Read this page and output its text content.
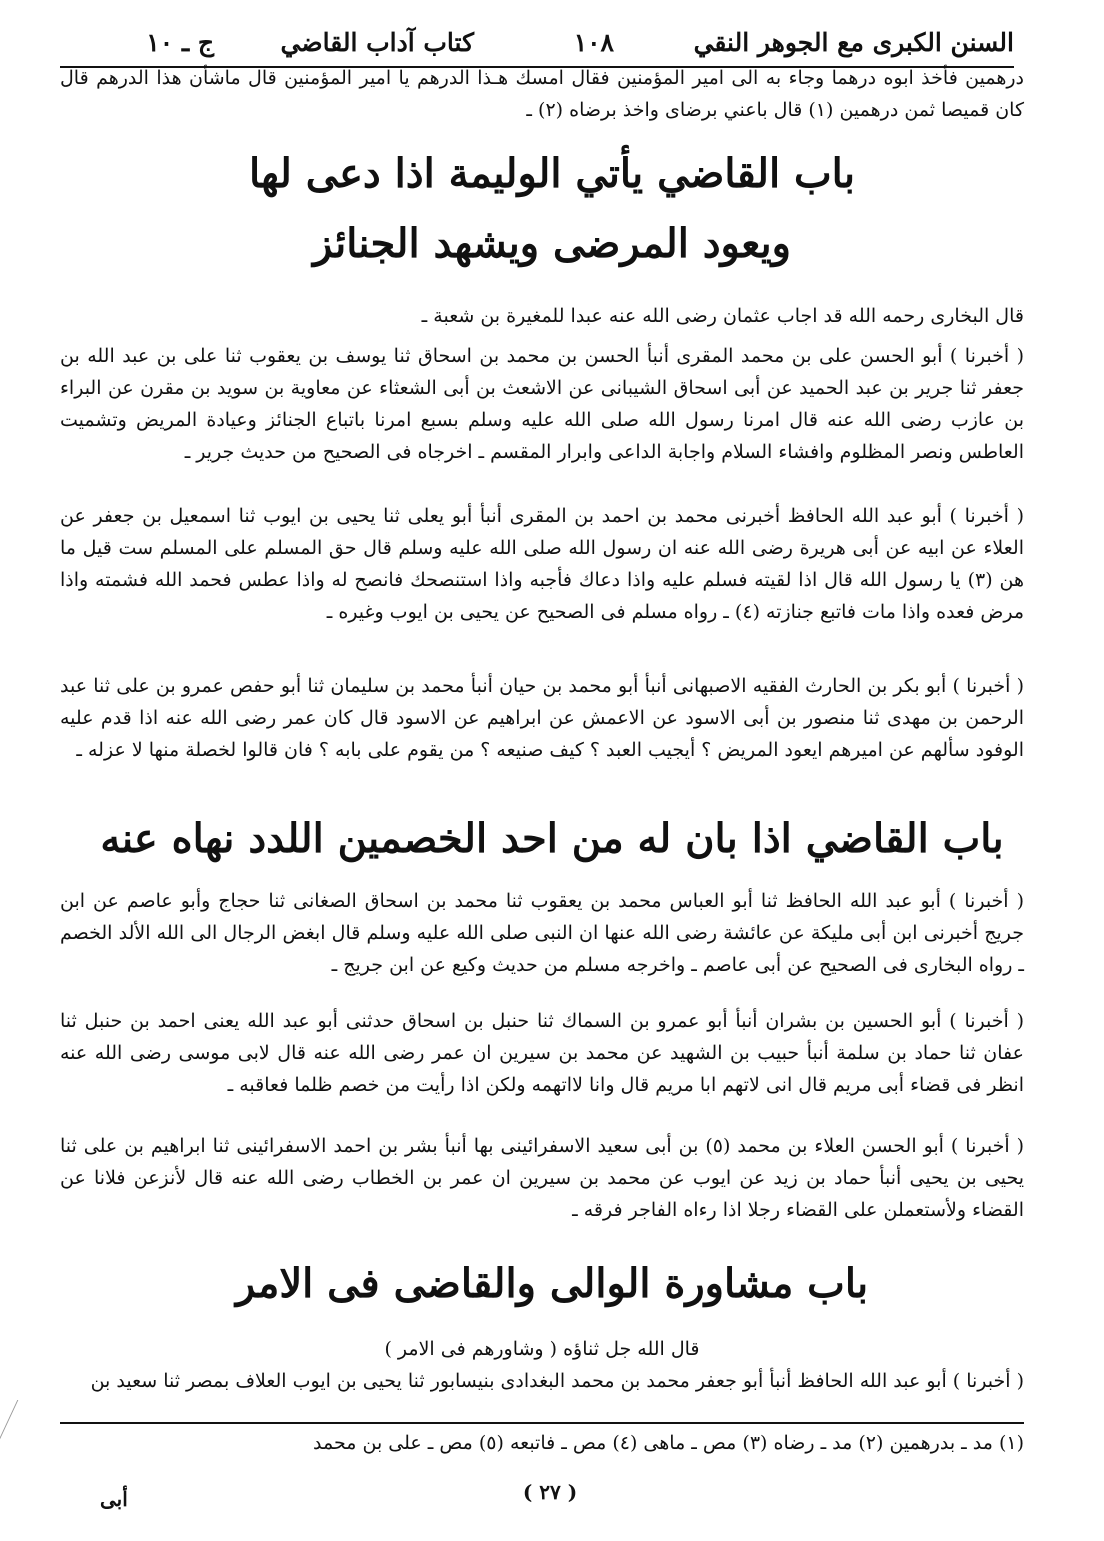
السنن الكبرى مع الجوهر النقي
١٠٨
كتاب آداب القاضي
ج ـ ١٠

درهمين فأخذ ابوه درهما وجاء به الى امير المؤمنين فقال امسك هـذا الدرهم يا امير المؤمنين قال ماشأن هذا الدرهم قال كان قميصا ثمن درهمين (١) قال باعني برضاى واخذ برضاه (٢) ـ

باب القاضي يأتي الوليمة اذا دعى لها
ويعود المرضى ويشهد الجنائز

قال البخارى رحمه الله قد اجاب عثمان رضى الله عنه عبدا للمغيرة بن شعبة ـ

( أخبرنا ) أبو الحسن على بن محمد المقرى أنبأ الحسن بن محمد بن اسحاق ثنا يوسف بن يعقوب ثنا على بن عبد الله بن جعفر ثنا جرير بن عبد الحميد عن أبى اسحاق الشيبانى عن الاشعث بن أبى الشعثاء عن معاوية بن سويد بن مقرن عن البراء بن عازب رضى الله عنه قال امرنا رسول الله صلى الله عليه وسلم بسبع امرنا باتباع الجنائز وعيادة المريض وتشميت العاطس ونصر المظلوم وافشاء السلام واجابة الداعى وابرار المقسم ـ اخرجاه فى الصحيح من حديث جرير ـ

( أخبرنا ) أبو عبد الله الحافظ أخبرنى محمد بن احمد بن المقرى أنبأ أبو يعلى ثنا يحيى بن ايوب ثنا اسمعيل بن جعفر عن العلاء عن ابيه عن أبى هريرة رضى الله عنه ان رسول الله صلى الله عليه وسلم قال حق المسلم على المسلم ست قيل ما هن (٣) يا رسول الله قال اذا لقيته فسلم عليه واذا دعاك فأجبه واذا استنصحك فانصح له واذا عطس فحمد الله فشمته واذا مرض فعده واذا مات فاتبع جنازته (٤) ـ رواه مسلم فى الصحيح عن يحيى بن ايوب وغيره ـ

( أخبرنا ) أبو بكر بن الحارث الفقيه الاصبهانى أنبأ أبو محمد بن حيان أنبأ محمد بن سليمان ثنا أبو حفص عمرو بن على ثنا عبد الرحمن بن مهدى ثنا منصور بن أبى الاسود عن الاعمش عن ابراهيم عن الاسود قال كان عمر رضى الله عنه اذا قدم عليه الوفود سألهم عن اميرهم ايعود المريض ؟ أيجيب العبد ؟ كيف صنيعه ؟ من يقوم على بابه ؟ فان قالوا لخصلة منها لا عزله ـ

باب القاضي اذا بان له من احد الخصمين اللدد نهاه عنه

( أخبرنا ) أبو عبد الله الحافظ ثنا أبو العباس محمد بن يعقوب ثنا محمد بن اسحاق الصغانى ثنا حجاج وأبو عاصم عن ابن جريج أخبرنى ابن أبى مليكة عن عائشة رضى الله عنها ان النبى صلى الله عليه وسلم قال ابغض الرجال الى الله الألد الخصم ـ رواه البخارى فى الصحيح عن أبى عاصم ـ واخرجه مسلم من حديث وكيع عن ابن جريج ـ

( أخبرنا ) أبو الحسين بن بشران أنبأ أبو عمرو بن السماك ثنا حنبل بن اسحاق حدثنى أبو عبد الله يعنى احمد بن حنبل ثنا عفان ثنا حماد بن سلمة أنبأ حبيب بن الشهيد عن محمد بن سيرين ان عمر رضى الله عنه قال لابى موسى رضى الله عنه انظر فى قضاء أبى مريم قال انى لاتهم ابا مريم قال وانا لااتهمه ولكن اذا رأيت من خصم ظلما فعاقبه ـ

( أخبرنا ) أبو الحسن العلاء بن محمد (٥) بن أبى سعيد الاسفرائينى بها أنبأ بشر بن احمد الاسفرائينى ثنا ابراهيم بن على ثنا يحيى بن يحيى أنبأ حماد بن زيد عن ايوب عن محمد بن سيرين ان عمر بن الخطاب رضى الله عنه قال لأنزعن فلانا عن القضاء ولأستعملن على القضاء رجلا اذا رءاه الفاجر فرقه ـ

باب مشاورة الوالى والقاضى فى الامر
قال الله جل ثناؤه ( وشاورهم فى الامر )

( أخبرنا ) أبو عبد الله الحافظ أنبأ أبو جعفر محمد بن محمد البغدادى بنيسابور ثنا يحيى بن ايوب العلاف بمصر ثنا سعيد بن

(١) مد ـ بدرهمين (٢) مد ـ رضاه (٣) مص ـ ماهى (٤) مص ـ فاتبعه (٥) مص ـ على بن محمد
( ٢٧ )
أبى
